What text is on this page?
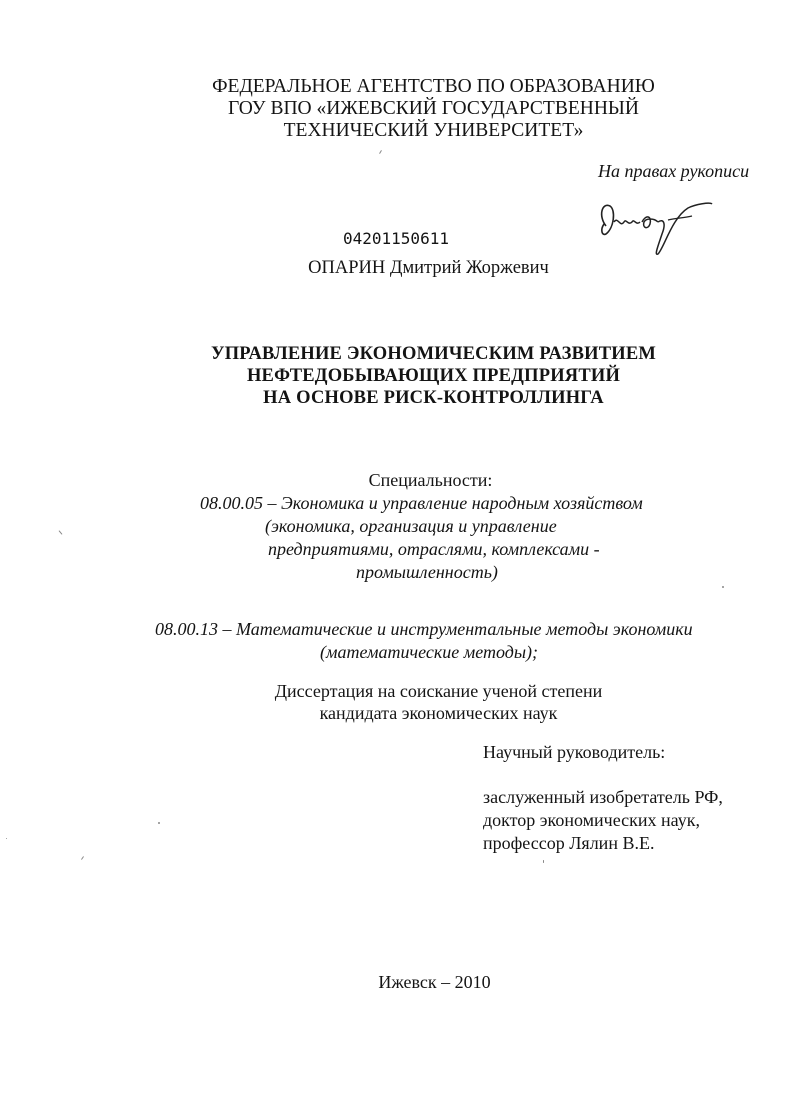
ФЕДЕРАЛЬНОЕ АГЕНТСТВО ПО ОБРАЗОВАНИЮ
ГОУ ВПО «ИЖЕВСКИЙ ГОСУДАРСТВЕННЫЙ
ТЕХНИЧЕСКИЙ УНИВЕРСИТЕТ»
На правах рукописи
04201150611
ОПАРИН Дмитрий Жоржевич
УПРАВЛЕНИЕ ЭКОНОМИЧЕСКИМ РАЗВИТИЕМ
НЕФТЕДОБЫВАЮЩИХ ПРЕДПРИЯТИЙ
НА ОСНОВЕ РИСК-КОНТРОЛЛИНГА
Специальности:
08.00.05 – Экономика и управление народным хозяйством
(экономика, организация и управление
предприятиями, отраслями, комплексами -
промышленность)
08.00.13 – Математические и инструментальные методы экономики
(математические методы);
Диссертация на соискание ученой степени
кандидата экономических наук
Научный руководитель:
заслуженный изобретатель РФ,
доктор экономических наук,
профессор Лялин В.Е.
Ижевск – 2010
